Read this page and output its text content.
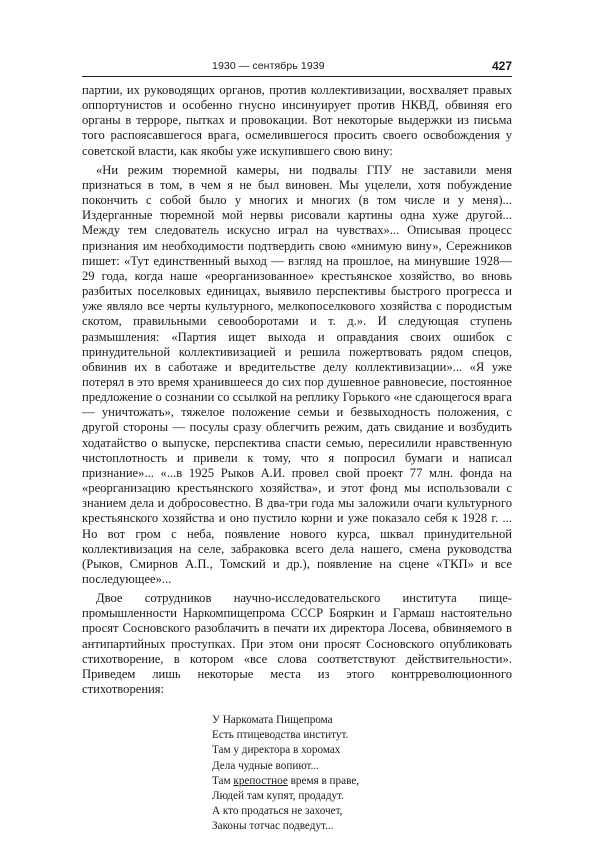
1930 — сентябрь 1939	427

партии, их руководящих органов, против коллективизации, восхваляет правых оппортунистов и особенно гнусно инсинуирует против НКВД, обвиняя его органы в терроре, пытках и провокации. Вот некоторые выдержки из письма того распоясавшегося врага, осмелившегося просить своего освобождения у советской власти, как якобы уже искупившего свою вину:

«Ни режим тюремной камеры, ни подвалы ГПУ не заставили меня признаться в том, в чем я не был виновен. Мы уцелели, хотя побуждение покончить с собой было у многих и многих (в том числе и у меня)... Издерганные тюремной мой нервы рисовали картины одна хуже другой... Между тем следователь искусно играл на чувствах»... Описывая процесс признания им необходимости подтвердить свою «мнимую вину», Сережников пишет: «Тут единственный выход — взгляд на прошлое, на минувшие 1928—29 года, когда наше «реорганизованное» крестьянское хозяйство, во вновь разбитых поселковых единицах, выявило перспективы быстрого прогресса и уже являло все черты культурного, мелкопоселкового хозяйства с породистым скотом, правильными севооборотами и т. д.». И следующая ступень размышления: «Партия ищет выхода и оправдания своих ошибок с принудительной коллективизацией и решила пожертвовать рядом спецов, обвинив их в саботаже и вредительстве делу коллективизации»... «Я уже потерял в это время хранившееся до сих пор душевное равновесие, постоянное предложение о сознании со ссылкой на реплику Горького «не сдающегося врага — уничтожать», тяжелое положение семьи и безвыходность положения, с другой стороны — посулы сразу облегчить режим, дать свидание и возбудить ходатайство о выпуске, перспектива спасти семью, пересилили нравственную чистоплотность и привели к тому, что я попросил бумаги и написал признание»... «...в 1925 Рыков А.И. провел свой проект 77 млн. фонда на «реорганизацию крестьянского хозяйства», и этот фонд мы использовали с знанием дела и добросовестно. В два-три года мы заложили очаги культурного крестьянского хозяйства и оно пустило корни и уже показало себя к 1928 г. ... Но вот гром с неба, появление нового курса, шквал принудительной коллективизация на селе, забраковка всего дела нашего, смена руководства (Рыков, Смирнов А.П., Томский и др.), появление на сцене «ТКП» и все последующее»...

Двое сотрудников научно-исследовательского института пище-промышленности Наркомпищепрома СССР Бояркин и Гармаш настоятельно просят Сосновского разоблачить в печати их директора Лосева, обвиняемого в антипартийных проступках. При этом они просят Сосновского опубликовать стихотворение, в котором «все слова соответствуют действительности». Приведем лишь некоторые места из этого контрреволюционного стихотворения:

У Наркомата Пищепрома
Есть птицеводства институт.
Там у директора в хоромах
Дела чудные вопиют...
Там крепостное время в праве,
Людей там купят, продадут.
А кто продаться не захочет,
Законы тотчас подведут...
